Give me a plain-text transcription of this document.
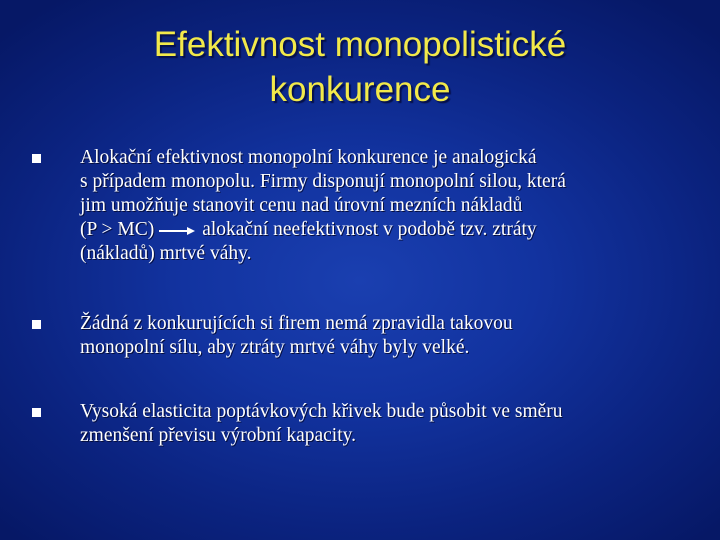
Efektivnost monopolistické
konkurence
Alokační efektivnost monopolní konkurence je analogická
s případem monopolu. Firmy disponují monopolní silou, která
jim umožňuje stanovit cenu nad úrovní mezních nákladů
(P > MC) alokační neefektivnost v podobě tzv. ztráty
(nákladů) mrtvé váhy.
Žádná z konkurujících si firem nemá zpravidla takovou
monopolní sílu, aby ztráty mrtvé váhy byly velké.
Vysoká elasticita poptávkových křivek bude působit ve směru
zmenšení převisu výrobní kapacity.
